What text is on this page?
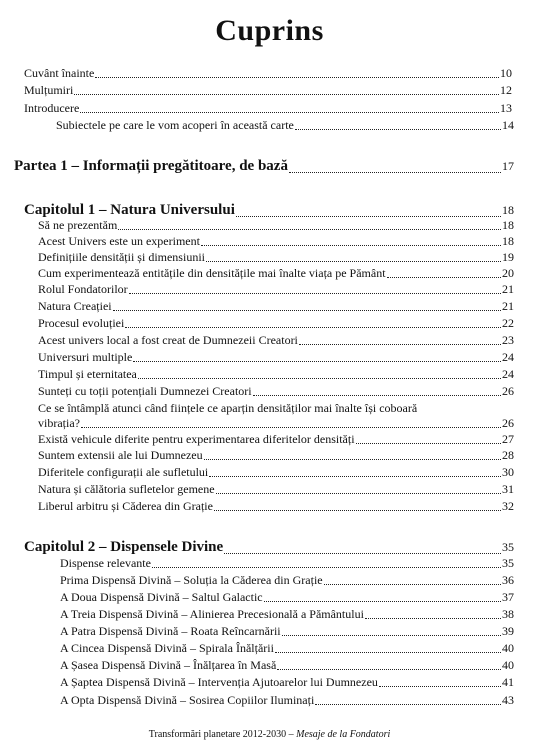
Cuprins
Cuvânt înainte	10
Mulțumiri	12
Introducere	13
Subiectele pe care le vom acoperi în această carte	14
Partea 1 – Informații pregătitoare, de bază	17
Capitolul 1 – Natura Universului	18
Să ne prezentăm	18
Acest Univers este un experiment	18
Definițiile densității și dimensiunii	19
Cum experimentează entitățile din densitățile mai înalte viața pe Pământ	20
Rolul Fondatorilor	21
Natura Creației	21
Procesul evoluției	22
Acest univers local a fost creat de Dumnezeii Creatori	23
Universuri multiple	24
Timpul și eternitatea	24
Sunteți cu toții potențiali Dumnezei Creatori	26
Ce se întâmplă atunci când ființele ce aparțin densităților mai înalte își coboară
vibrația?	26
Există vehicule diferite pentru experimentarea diferitelor densități	27
Suntem extensii ale lui Dumnezeu	28
Diferitele configurații ale sufletului	30
Natura și călătoria sufletelor gemene	31
Liberul arbitru și Căderea din Grație	32
Capitolul 2 – Dispensele Divine	35
Dispense relevante	35
Prima Dispensă Divină – Soluția la Căderea din Grație	36
A Doua Dispensă Divină – Saltul Galactic	37
A Treia Dispensă Divină – Alinierea Precesională a Pământului	38
A Patra Dispensă Divină – Roata Reîncarnării	39
A Cincea Dispensă Divină – Spirala Înălțării	40
A Șasea Dispensă Divină – Înălțarea în Masă	40
A Șaptea Dispensă Divină – Intervenția Ajutoarelor lui Dumnezeu	41
A Opta Dispensă Divină – Sosirea Copiilor Iluminați	43
Transformări planetare 2012-2030 – Mesaje de la Fondatori
